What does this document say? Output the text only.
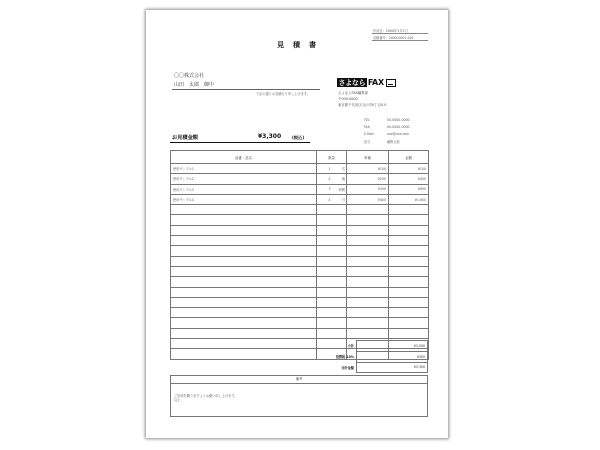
作成日：20XX年1月1日
見積番号：20XX-0001-001
見　積　書
〇〇株式会社
山田　太郎　御中
下記の通りお見積もり申し上げます。
さよなら FAX
さよならFAX編集部
〒000-0000
東京都千代田区丸の内0丁目0-0
TEL	00-0000-0000
FAX	00-0000-0000
E-Mail	xxx@xxx.com
担当	編集太郎
お見積金額	¥3,300	(税込)
品番・品名	数量	単価	金額
使用サンプル1	1 式	¥100	¥100
使用サンプル2	2 個	¥200	¥400
使用サンプル3	3 時間	¥300	¥900
使用サンプル4	4 日	¥400	¥1,600

小計	¥3,000
消費税 10%	¥300
合計金額	¥3,300
備考
ご用命を賜りますようお願い申し上げます。
以上
